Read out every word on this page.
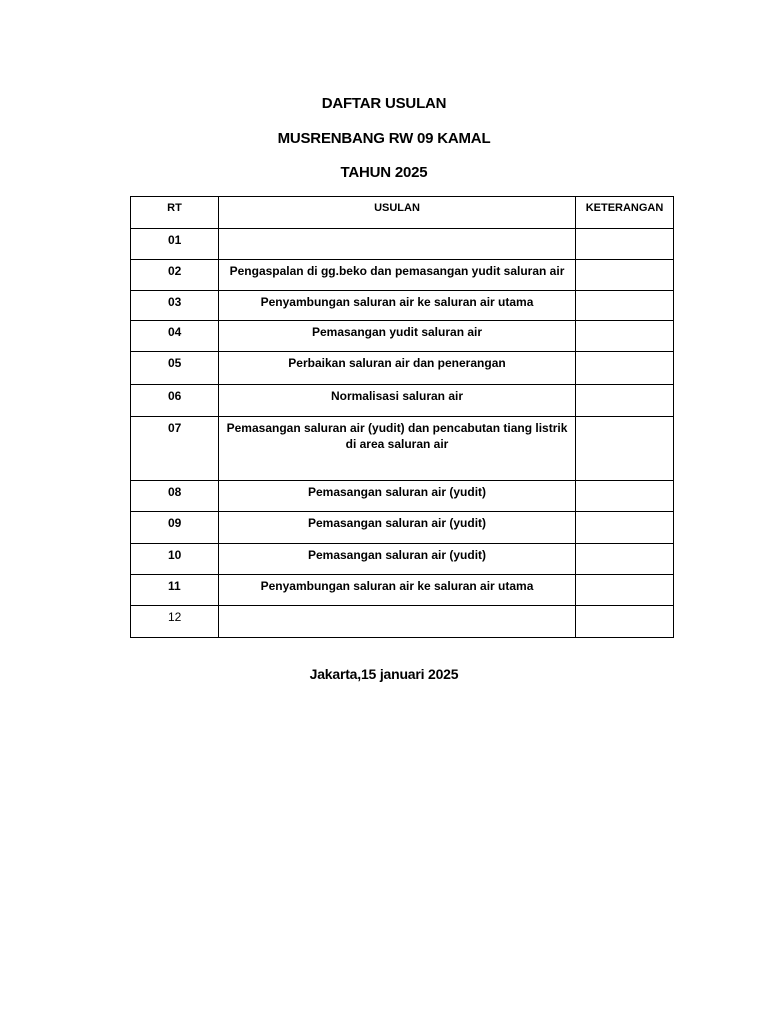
DAFTAR USULAN
MUSRENBANG RW 09 KAMAL
TAHUN 2025
RT	USULAN	KETERANGAN
01		
02	Pengaspalan di gg.beko dan pemasangan yudit saluran air	
03	Penyambungan saluran air ke saluran air utama	
04	Pemasangan yudit saluran air	
05	Perbaikan saluran air dan penerangan	
06	Normalisasi saluran air	
07	Pemasangan saluran air (yudit) dan pencabutan tiang listrik di area saluran air	
08	Pemasangan saluran air (yudit)	
09	Pemasangan saluran air (yudit)	
10	Pemasangan saluran air (yudit)	
11	Penyambungan saluran air ke saluran air utama	
12		
Jakarta,15 januari 2025
